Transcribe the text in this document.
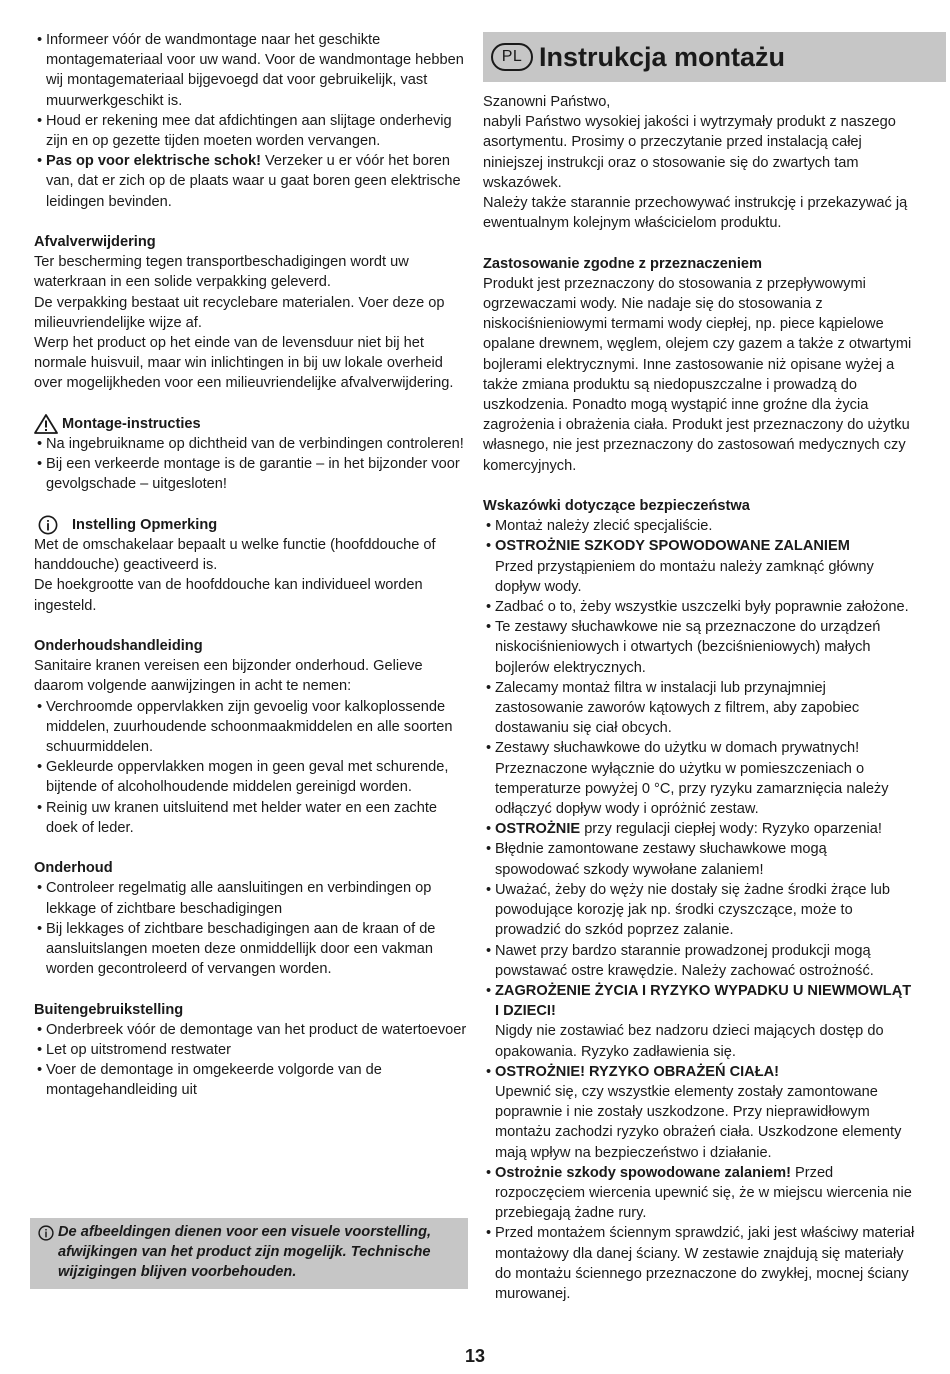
• Informeer vóór de wandmontage naar het geschikte montagemateriaal voor uw wand. Voor de wandmontage hebben wij montagemateriaal bijgevoegd dat voor gebruikelijk, vast muurwerkgeschikt is.
• Houd er rekening mee dat afdichtingen aan slijtage onderhevig zijn en op gezette tijden moeten worden vervangen.
• Pas op voor elektrische schok! Verzeker u er vóór het boren van, dat er zich op de plaats waar u gaat boren geen elektrische leidingen bevinden.

Afvalverwijdering

Ter bescherming tegen transportbeschadigingen wordt uw waterkraan in een solide verpakking geleverd.

De verpakking bestaat uit recyclebare materialen. Voer deze op milieuvriendelijke wijze af.

Werp het product op het einde van de levensduur niet bij het normale huisvuil, maar win inlichtingen in bij uw lokale overheid over mogelijkheden voor een milieuvriendelijke afvalverwijdering.

Montage-instructies
• Na ingebruikname op dichtheid van de verbindingen controleren!
• Bij een verkeerde montage is de garantie – in het bijzonder voor gevolgschade – uitgesloten!
Instelling Opmerking

Met de omschakelaar bepaalt u welke functie (hoofddouche of handdouche) geactiveerd is.

De hoekgrootte van de hoofddouche kan individueel worden ingesteld.

Onderhoudshandleiding

Sanitaire kranen vereisen een bijzonder onderhoud. Gelieve daarom volgende aanwijzingen in acht te nemen:

• Verchroomde oppervlakken zijn gevoelig voor kalkoplossende middelen, zuurhoudende schoonmaakmiddelen en alle soorten schuurmiddelen.
• Gekleurde oppervlakken mogen in geen geval met schurende, bijtende of alcoholhoudende middelen gereinigd worden.
• Reinig uw kranen uitsluitend met helder water en een zachte doek of leder.

Onderhoud

• Controleer regelmatig alle aansluitingen en verbindingen op lekkage of zichtbare beschadigingen
• Bij lekkages of zichtbare beschadigingen aan de kraan of de aansluitslangen moeten deze onmiddellijk door een vakman worden gecontroleerd of vervangen worden.

Buitengebruikstelling

• Onderbreek vóór de demontage van het product de watertoevoer
• Let op uitstromend restwater
• Voer de demontage in omgekeerde volgorde van de montagehandleiding uit
De afbeeldingen dienen voor een visuele voorstelling, afwijkingen van het product zijn mogelijk. Technische wijzigingen blijven voorbehouden.
PL Instrukcja montażu

Szanowni Państwo,

nabyli Państwo wysokiej jakości i wytrzymały produkt z naszego asortymentu. Prosimy o przeczytanie przed instalacją całej niniejszej instrukcji oraz o stosowanie się do zwartych tam wskazówek.

Należy także starannie przechowywać instrukcję i przekazywać ją ewentualnym kolejnym właścicielom produktu.

Zastosowanie zgodne z przeznaczeniem

Produkt jest przeznaczony do stosowania z przepływowymi ogrzewaczami wody. Nie nadaje się do stosowania z niskociśnieniowymi termami wody ciepłej, np. piece kąpielowe opalane drewnem, węglem, olejem czy gazem a także z otwartymi bojlerami elektrycznymi. Inne zastosowanie niż opisane wyżej a także zmiana produktu są niedopuszczalne i prowadzą do uszkodzenia. Ponadto mogą wystąpić inne groźne dla życia zagrożenia i obrażenia ciała. Produkt jest przeznaczony do użytku własnego, nie jest przeznaczony do zastosowań medycznych czy komercyjnych.

Wskazówki dotyczące bezpieczeństwa

• Montaż należy zlecić specjaliście.
• OSTROŻNIE SZKODY SPOWODOWANE ZALANIEM
Przed przystąpieniem do montażu należy zamknąć główny dopływ wody.
• Zadbać o to, żeby wszystkie uszczelki były poprawnie założone.
• Te zestawy słuchawkowe nie są przeznaczone do urządzeń niskociśnieniowych i otwartych (bezciśnieniowych) małych bojlerów elektrycznych.
• Zalecamy montaż filtra w instalacji lub przynajmniej zastosowanie zaworów kątowych z filtrem, aby zapobiec dostawaniu się ciał obcych.
• Zestawy słuchawkowe do użytku w domach prywatnych! Przeznaczone wyłącznie do użytku w pomieszczeniach o temperaturze powyżej 0 °C, przy ryzyku zamarznięcia należy odłączyć dopływ wody i opróżnić zestaw.
• OSTROŻNIE przy regulacji ciepłej wody: Ryzyko oparzenia!
• Błędnie zamontowane zestawy słuchawkowe mogą spowodować szkody wywołane zalaniem!
• Uważać, żeby do węży nie dostały się żadne środki żrące lub powodujące korozję jak np. środki czyszczące, może to prowadzić do szkód poprzez zalanie.
• Nawet przy bardzo starannie prowadzonej produkcji mogą powstawać ostre krawędzie. Należy zachować ostrożność.
• ZAGROŻENIE ŻYCIA I RYZYKO WYPADKU U NIEWMOWLĄT I DZIECI!
Nigdy nie zostawiać bez nadzoru dzieci mających dostęp do opakowania. Ryzyko zadławienia się.
• OSTROŻNIE! RYZYKO OBRAŻEŃ CIAŁA!
Upewnić się, czy wszystkie elementy zostały zamontowane poprawnie i nie zostały uszkodzone. Przy nieprawidłowym montażu zachodzi ryzyko obrażeń ciała. Uszkodzone elementy mają wpływ na bezpieczeństwo i działanie.
• Ostrożnie szkody spowodowane zalaniem! Przed rozpoczęciem wiercenia upewnić się, że w miejscu wiercenia nie przebiegają żadne rury.
• Przed montażem ściennym sprawdzić, jaki jest właściwy materiał montażowy dla danej ściany. W zestawie znajdują się materiały do montażu ściennego przeznaczone do zwykłej, mocnej ściany murowanej.
13
